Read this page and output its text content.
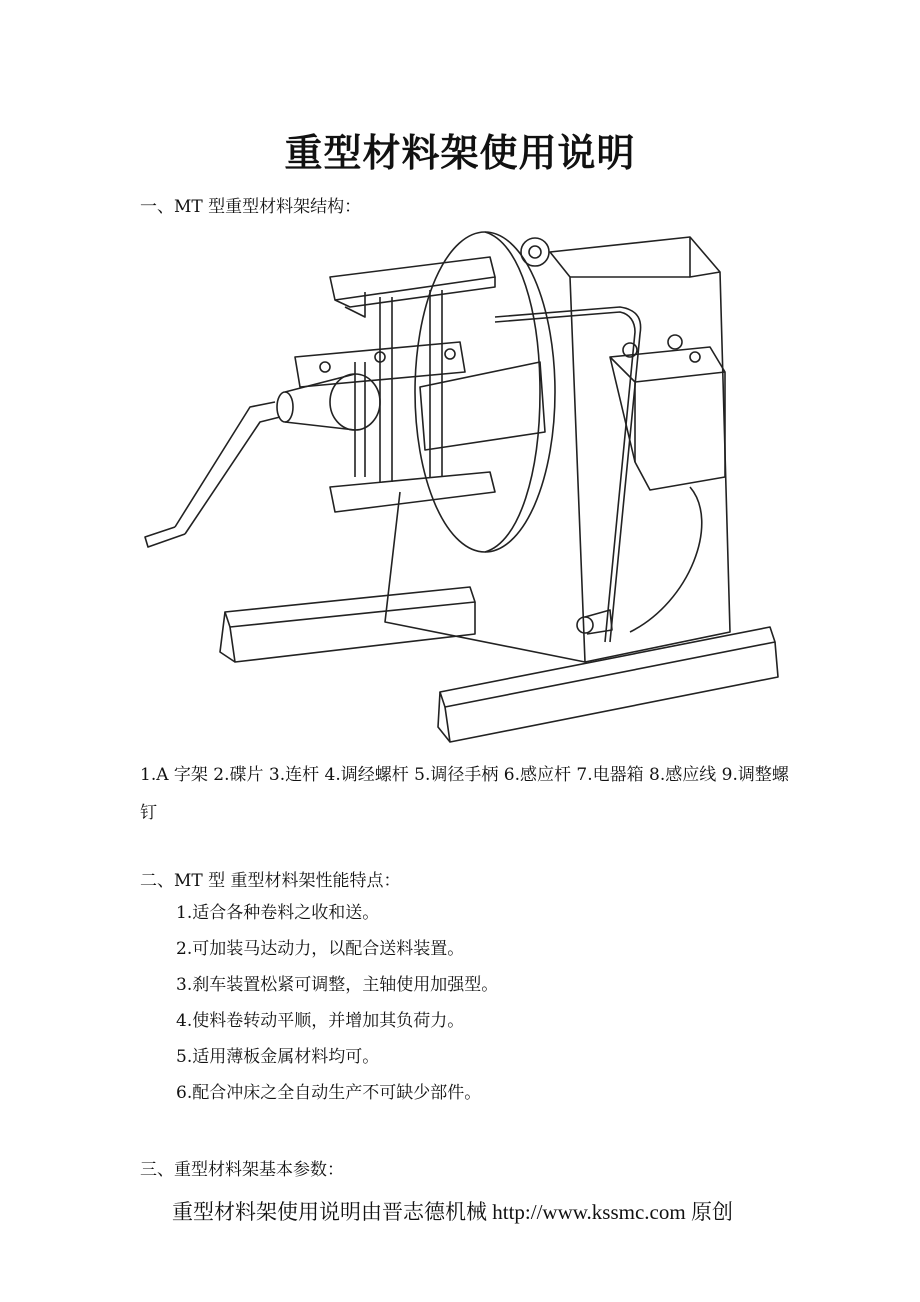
重型材料架使用说明
一、MT 型重型材料架结构：
1.A 字架 2.碟片 3.连杆 4.调经螺杆 5.调径手柄 6.感应杆 7.电器箱 8.感应线 9.调整螺钉
二、MT 型 重型材料架性能特点：
1.适合各种卷料之收和送。
2.可加装马达动力，以配合送料装置。
3.刹车装置松紧可调整，主轴使用加强型。
4.使料卷转动平顺，并增加其负荷力。
5.适用薄板金属材料均可。
6.配合冲床之全自动生产不可缺少部件。
三、重型材料架基本参数：
重型材料架使用说明由晋志德机械 http://www.kssmc.com 原创
